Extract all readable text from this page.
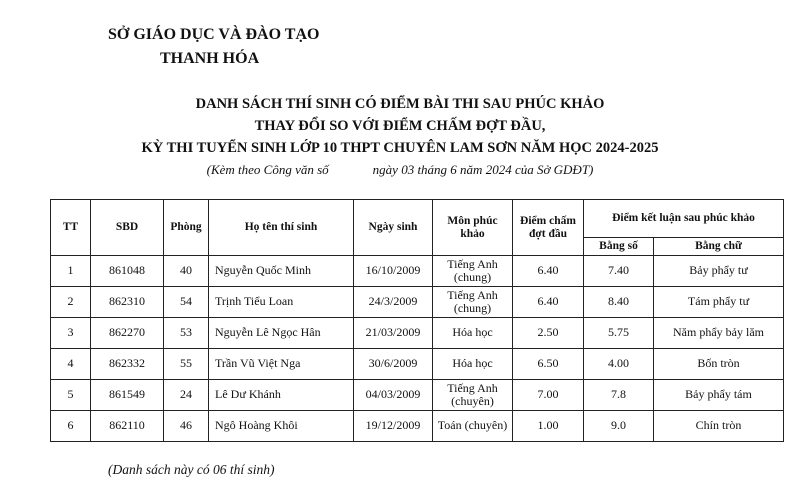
SỞ GIÁO DỤC VÀ ĐÀO TẠO
THANH HÓA
DANH SÁCH THÍ SINH CÓ ĐIỂM BÀI THI SAU PHÚC KHẢO
THAY ĐỔI SO VỚI ĐIỂM CHẤM ĐỢT ĐẦU,
KỲ THI TUYỂN SINH LỚP 10 THPT CHUYÊN LAM SƠN NĂM HỌC 2024-2025
(Kèm theo Công văn số	ngày 03 tháng 6 năm 2024 của Sở GDĐT)
TT	SBD	Phòng	Họ tên thí sinh	Ngày sinh	Môn phúc khảo	Điểm chấm đợt đầu	Điểm kết luận sau phúc khảo	
							Bằng số	Bằng chữ
1	861048	40	Nguyễn Quốc Minh	16/10/2009	Tiếng Anh (chung)	6.40	7.40	Bảy phẩy tư
2	862310	54	Trịnh Tiểu Loan	24/3/2009	Tiếng Anh (chung)	6.40	8.40	Tám phẩy tư
3	862270	53	Nguyễn Lê Ngọc Hân	21/03/2009	Hóa học	2.50	5.75	Năm phẩy bảy lăm
4	862332	55	Trần Vũ Việt Nga	30/6/2009	Hóa học	6.50	4.00	Bốn tròn
5	861549	24	Lê Dư Khánh	04/03/2009	Tiếng Anh (chuyên)	7.00	7.8	Bảy phẩy tám
6	862110	46	Ngô Hoàng Khôi	19/12/2009	Toán (chuyên)	1.00	9.0	Chín tròn
(Danh sách này có 06 thí sinh)
